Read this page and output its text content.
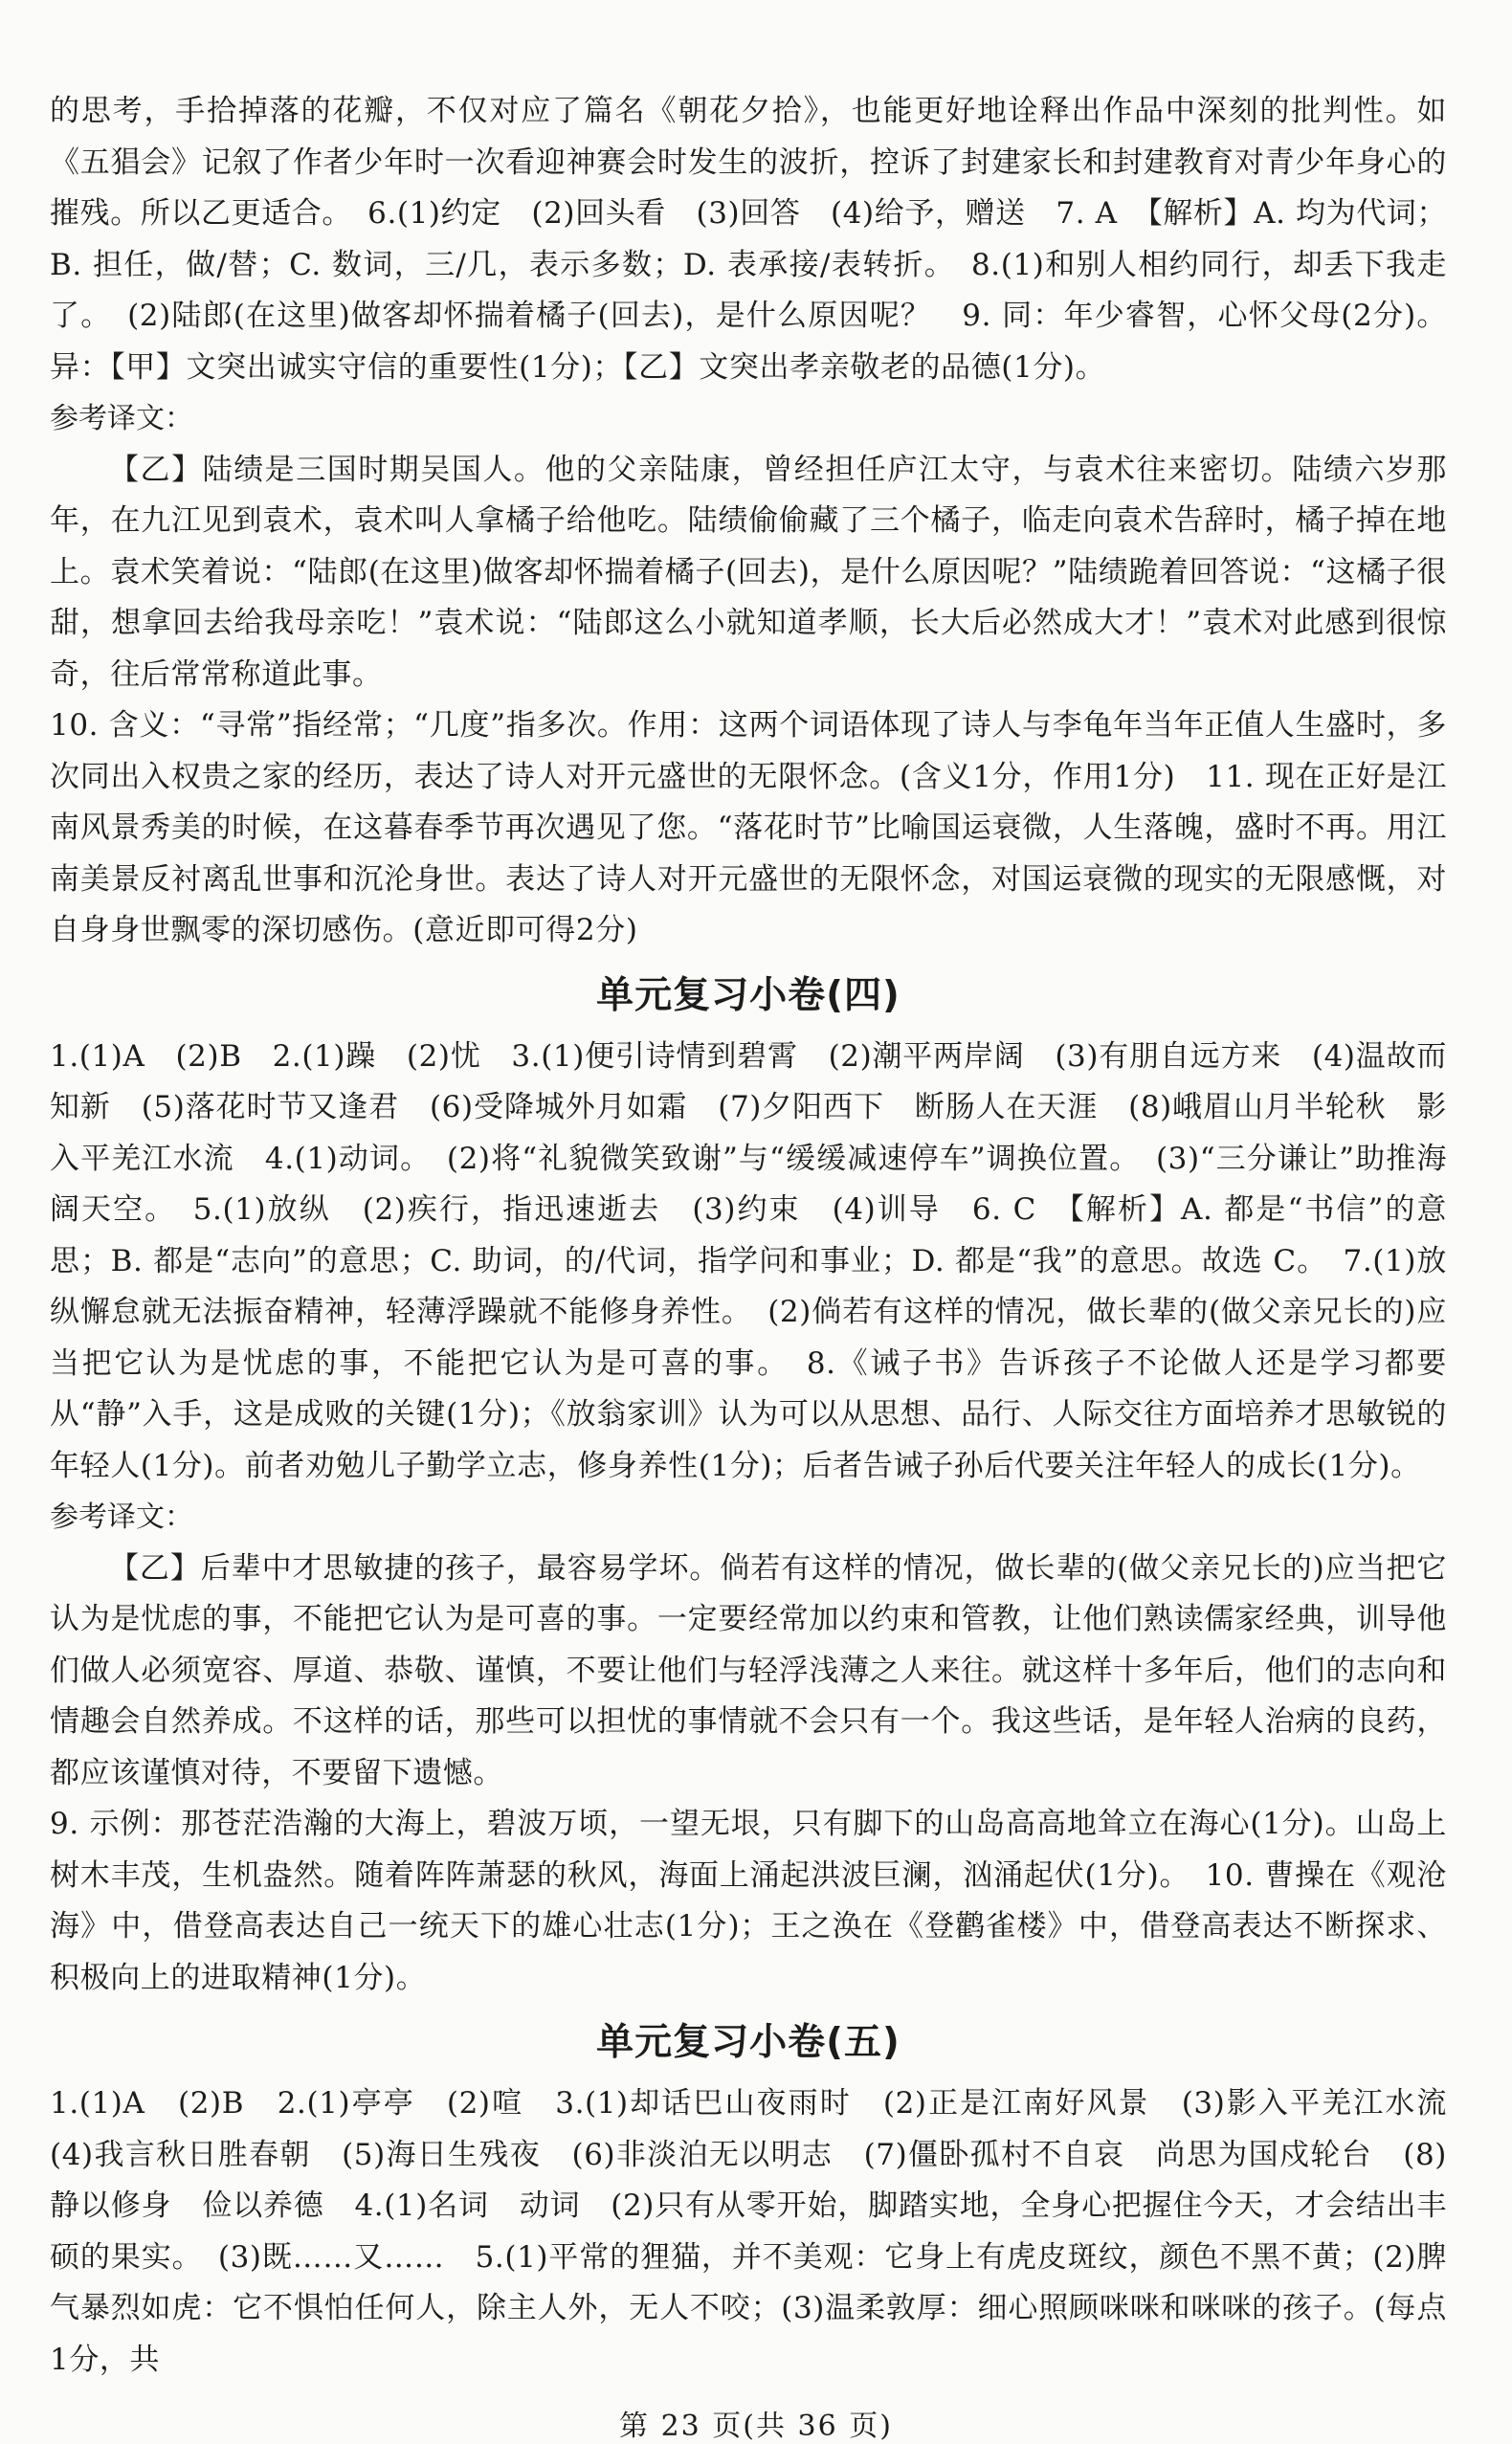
的思考，手拾掉落的花瓣，不仅对应了篇名《朝花夕拾》，也能更好地诠释出作品中深刻的批判性。如《五猖会》记叙了作者少年时一次看迎神赛会时发生的波折，控诉了封建家长和封建教育对青少年身心的摧残。所以乙更适合。　6.(1)约定　(2)回头看　(3)回答　(4)给予，赠送　7. A　【解析】A. 均为代词；B. 担任，做/替；C. 数词，三/几，表示多数；D. 表承接/表转折。　8.(1)和别人相约同行，却丢下我走了。　(2)陆郎(在这里)做客却怀揣着橘子(回去)，是什么原因呢？　9. 同：年少睿智，心怀父母(2分)。异：【甲】文突出诚实守信的重要性(1分)；【乙】文突出孝亲敬老的品德(1分)。

参考译文：

【乙】陆绩是三国时期吴国人。他的父亲陆康，曾经担任庐江太守，与袁术往来密切。陆绩六岁那年，在九江见到袁术，袁术叫人拿橘子给他吃。陆绩偷偷藏了三个橘子，临走向袁术告辞时，橘子掉在地上。袁术笑着说：“陆郎(在这里)做客却怀揣着橘子(回去)，是什么原因呢？”陆绩跪着回答说：“这橘子很甜，想拿回去给我母亲吃！”袁术说：“陆郎这么小就知道孝顺，长大后必然成大才！”袁术对此感到很惊奇，往后常常称道此事。

10. 含义：“寻常”指经常；“几度”指多次。作用：这两个词语体现了诗人与李龟年当年正值人生盛时，多次同出入权贵之家的经历，表达了诗人对开元盛世的无限怀念。(含义1分，作用1分)　11. 现在正好是江南风景秀美的时候，在这暮春季节再次遇见了您。“落花时节”比喻国运衰微，人生落魄，盛时不再。用江南美景反衬离乱世事和沉沦身世。表达了诗人对开元盛世的无限怀念，对国运衰微的现实的无限感慨，对自身身世飘零的深切感伤。(意近即可得2分)

单元复习小卷(四)

1.(1)A　(2)B　2.(1)躁　(2)忧　3.(1)便引诗情到碧霄　(2)潮平两岸阔　(3)有朋自远方来　(4)温故而知新　(5)落花时节又逢君　(6)受降城外月如霜　(7)夕阳西下　断肠人在天涯　(8)峨眉山月半轮秋　影入平羌江水流　4.(1)动词。　(2)将“礼貌微笑致谢”与“缓缓减速停车”调换位置。　(3)“三分谦让”助推海阔天空。　5.(1)放纵　(2)疾行，指迅速逝去　(3)约束　(4)训导　6. C　【解析】A. 都是“书信”的意思；B. 都是“志向”的意思；C. 助词，的/代词，指学问和事业；D. 都是“我”的意思。故选 C。　7.(1)放纵懈怠就无法振奋精神，轻薄浮躁就不能修身养性。　(2)倘若有这样的情况，做长辈的(做父亲兄长的)应当把它认为是忧虑的事，不能把它认为是可喜的事。　8.《诫子书》告诉孩子不论做人还是学习都要从“静”入手，这是成败的关键(1分)；《放翁家训》认为可以从思想、品行、人际交往方面培养才思敏锐的年轻人(1分)。前者劝勉儿子勤学立志，修身养性(1分)；后者告诫子孙后代要关注年轻人的成长(1分)。

参考译文：

【乙】后辈中才思敏捷的孩子，最容易学坏。倘若有这样的情况，做长辈的(做父亲兄长的)应当把它认为是忧虑的事，不能把它认为是可喜的事。一定要经常加以约束和管教，让他们熟读儒家经典，训导他们做人必须宽容、厚道、恭敬、谨慎，不要让他们与轻浮浅薄之人来往。就这样十多年后，他们的志向和情趣会自然养成。不这样的话，那些可以担忧的事情就不会只有一个。我这些话，是年轻人治病的良药，都应该谨慎对待，不要留下遗憾。

9. 示例：那苍茫浩瀚的大海上，碧波万顷，一望无垠，只有脚下的山岛高高地耸立在海心(1分)。山岛上树木丰茂，生机盎然。随着阵阵萧瑟的秋风，海面上涌起洪波巨澜，汹涌起伏(1分)。　10. 曹操在《观沧海》中，借登高表达自己一统天下的雄心壮志(1分)；王之涣在《登鹳雀楼》中，借登高表达不断探求、积极向上的进取精神(1分)。

单元复习小卷(五)

1.(1)A　(2)B　2.(1)亭亭　(2)喧　3.(1)却话巴山夜雨时　(2)正是江南好风景　(3)影入平羌江水流　(4)我言秋日胜春朝　(5)海日生残夜　(6)非淡泊无以明志　(7)僵卧孤村不自哀　尚思为国戍轮台　(8)静以修身　俭以养德　4.(1)名词　动词　(2)只有从零开始，脚踏实地，全身心把握住今天，才会结出丰硕的果实。　(3)既……又……　5.(1)平常的狸猫，并不美观：它身上有虎皮斑纹，颜色不黑不黄；(2)脾气暴烈如虎：它不惧怕任何人，除主人外，无人不咬；(3)温柔敦厚：细心照顾咪咪和咪咪的孩子。(每点1分，共

第 23 页(共 36 页)
